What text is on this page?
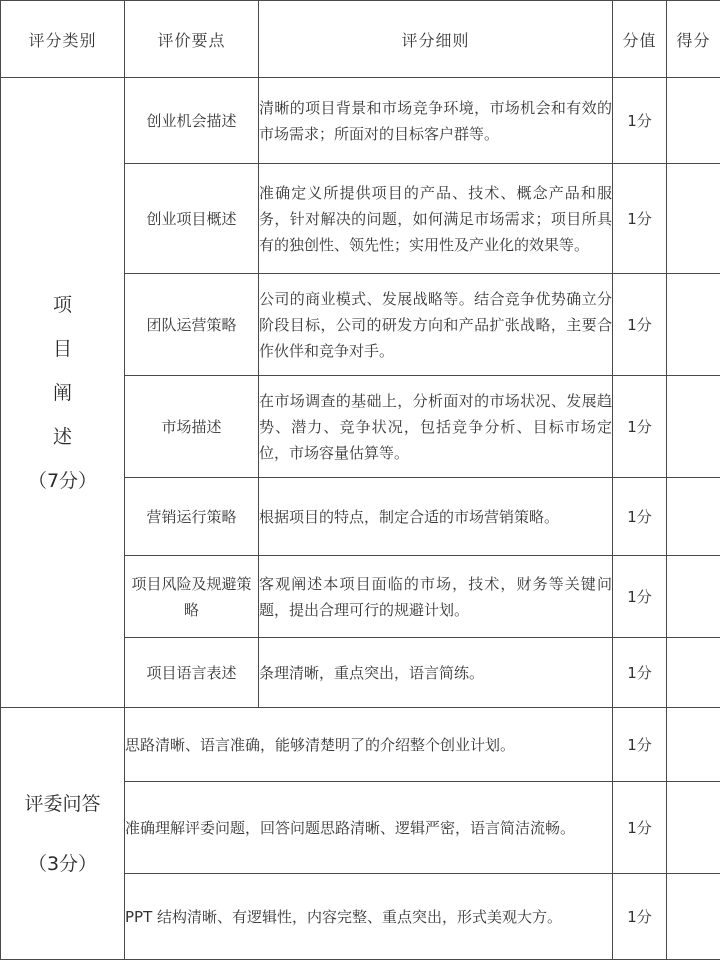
评分类别	评价要点	评分细则	分值	得分

项
目
阐
述
（7分）	创业机会描述	清晰的项目背景和市场竞争环境，市场机会和有效的市场需求；所面对的目标客户群等。	1分	
	创业项目概述	准确定义所提供项目的产品、技术、概念产品和服务，针对解决的问题，如何满足市场需求；项目所具有的独创性、领先性；实用性及产业化的效果等。	1分	
	团队运营策略	公司的商业模式、发展战略等。结合竞争优势确立分阶段目标，公司的研发方向和产品扩张战略，主要合作伙伴和竞争对手。	1分	
	市场描述	在市场调查的基础上，分析面对的市场状况、发展趋势、潜力、竞争状况，包括竞争分析、目标市场定位，市场容量估算等。	1分	
	营销运行策略	根据项目的特点，制定合适的市场营销策略。	1分	
	项目风险及规避策略	客观阐述本项目面临的市场，技术，财务等关键问题，提出合理可行的规避计划。	1分	
	项目语言表述	条理清晰，重点突出，语言简练。	1分	

评委问答
（3分）	思路清晰、语言准确，能够清楚明了的介绍整个创业计划。		1分	
	准确理解评委问题，回答问题思路清晰、逻辑严密，语言简洁流畅。		1分	
	PPT 结构清晰、有逻辑性，内容完整、重点突出，形式美观大方。		1分	
